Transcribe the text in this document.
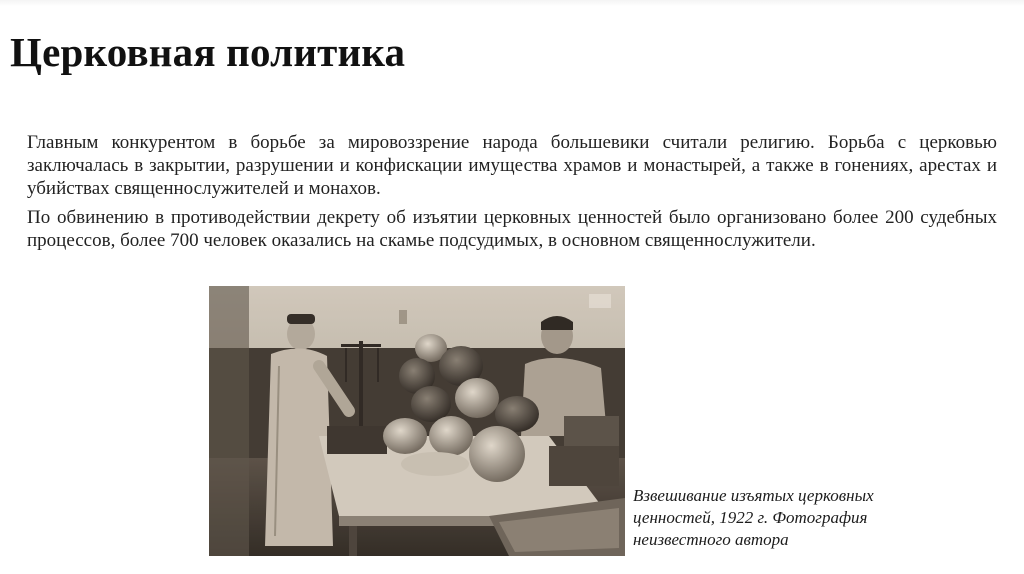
Церковная политика

Главным конкурентом в борьбе за мировоззрение народа большевики считали религию. Борьба с церковью заключалась в закрытии, разрушении и конфискации имущества храмов и монастырей, а также в гонениях, арестах и убийствах священнослужителей и монахов.

По обвинению в противодействии декрету об изъятии церковных ценностей было организовано более 200 судебных процессов, более 700 человек оказались на скамье подсудимых, в основном священнослужители.

Взвешивание изъятых церковных ценностей, 1922 г. Фотография неизвестного автора
